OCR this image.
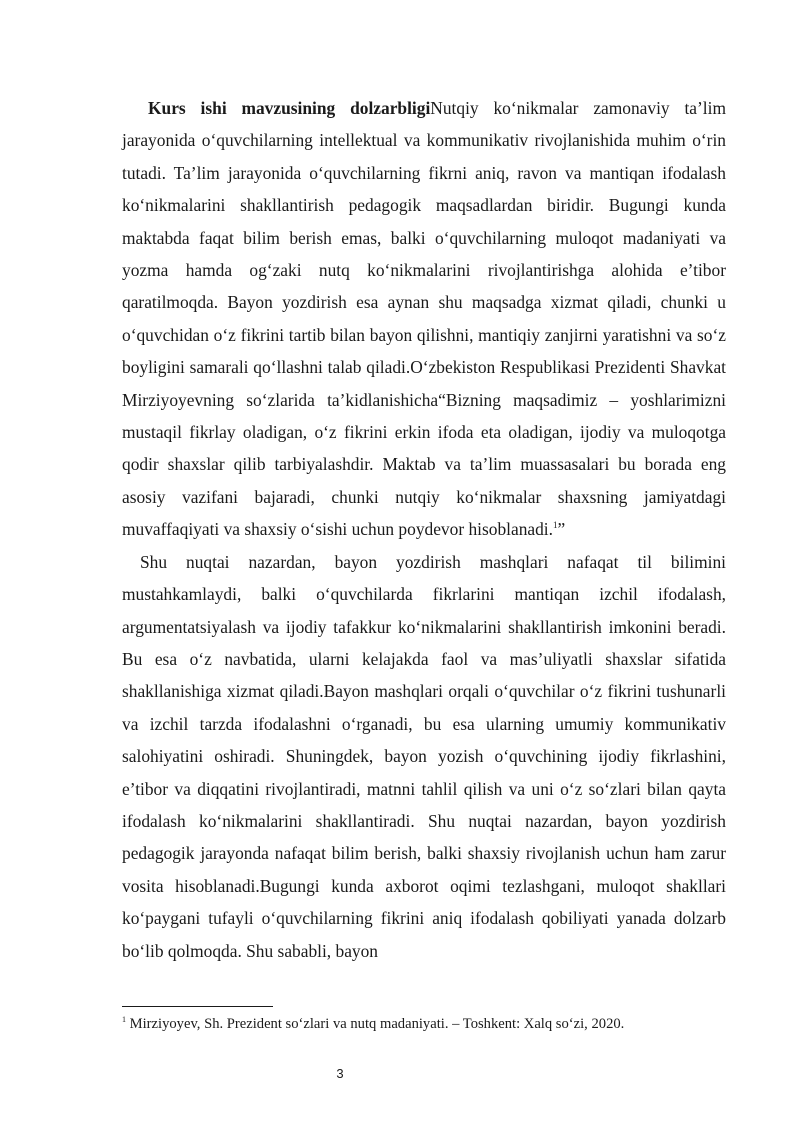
Kurs ishi mavzusining dolzarbligiNutqiy ko‘nikmalar zamonaviy ta’lim jarayonida o‘quvchilarning intellektual va kommunikativ rivojlanishida muhim o‘rin tutadi. Ta’lim jarayonida o‘quvchilarning fikrni aniq, ravon va mantiqan ifodalash ko‘nikmalarini shakllantirish pedagogik maqsadlardan biridir. Bugungi kunda maktabda faqat bilim berish emas, balki o‘quvchilarning muloqot madaniyati va yozma hamda og‘zaki nutq ko‘nikmalarini rivojlantirishga alohida e’tibor qaratilmoqda. Bayon yozdirish esa aynan shu maqsadga xizmat qiladi, chunki u o‘quvchidan o‘z fikrini tartib bilan bayon qilishni, mantiqiy zanjirni yaratishni va so‘z boyligini samarali qo‘llashni talab qiladi.O‘zbekiston Respublikasi Prezidenti Shavkat Mirziyoyevning so‘zlarida ta’kidlanishicha“Bizning maqsadimiz – yoshlarimizni mustaqil fikrlay oladigan, o‘z fikrini erkin ifoda eta oladigan, ijodiy va muloqotga qodir shaxslar qilib tarbiyalashdir. Maktab va ta’lim muassasalari bu borada eng asosiy vazifani bajaradi, chunki nutqiy ko‘nikmalar shaxsning jamiyatdagi muvaffaqiyati va shaxsiy o‘sishi uchun poydevor hisoblanadi.$^1$”

Shu nuqtai nazardan, bayon yozdirish mashqlari nafaqat til bilimini mustahkamlaydi, balki o‘quvchilarda fikrlarini mantiqan izchil ifodalash, argumentatsiyalash va ijodiy tafakkur ko‘nikmalarini shakllantirish imkonini beradi. Bu esa o‘z navbatida, ularni kelajakda faol va mas’uliyatli shaxslar sifatida shakllanishiga xizmat qiladi.Bayon mashqlari orqali o‘quvchilar o‘z fikrini tushunarli va izchil tarzda ifodalashni o‘rganadi, bu esa ularning umumiy kommunikativ salohiyatini oshiradi. Shuningdek, bayon yozish o‘quvchining ijodiy fikrlashini, e’tibor va diqqatini rivojlantiradi, matnni tahlil qilish va uni o‘z so‘zlari bilan qayta ifodalash ko‘nikmalarini shakllantiradi. Shu nuqtai nazardan, bayon yozdirish pedagogik jarayonda nafaqat bilim berish, balki shaxsiy rivojlanish uchun ham zarur vosita hisoblanadi.Bugungi kunda axborot oqimi tezlashgani, muloqot shakllari ko‘paygani tufayli o‘quvchilarning fikrini aniq ifodalash qobiliyati yanada dolzarb bo‘lib qolmoqda. Shu sababli, bayon

$^1$ Mirziyoyev, Sh. Prezident so‘zlari va nutq madaniyati. – Toshkent: Xalq so‘zi, 2020.

3
